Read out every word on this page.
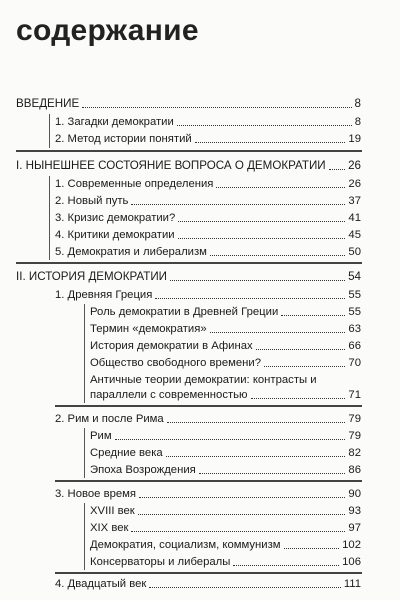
содержание
ВВЕДЕНИЕ	8
1. Загадки демократии	8
2. Метод истории понятий	19
I. НЫНЕШНЕЕ СОСТОЯНИЕ ВОПРОСА О ДЕМОКРАТИИ 26
1. Современные определения	26
2. Новый путь	37
3. Кризис демократии?	41
4. Критики демократии	45
5. Демократия и либерализм	50
II. ИСТОРИЯ ДЕМОКРАТИИ	54
1. Древняя Греция	55
Роль демократии в Древней Греции	55
Термин «демократия»	63
История демократии в Афинах	66
Общество свободного времени?	70
Античные теории демократии: контрасты и
параллели с современностью	71
2. Рим и после Рима	79
Рим	79
Средние века	82
Эпоха Возрождения	86
3. Новое время	90
XVIII век	93
XIX век	97
Демократия, социализм, коммунизм	102
Консерваторы и либералы	106
4. Двадцатый век	111
